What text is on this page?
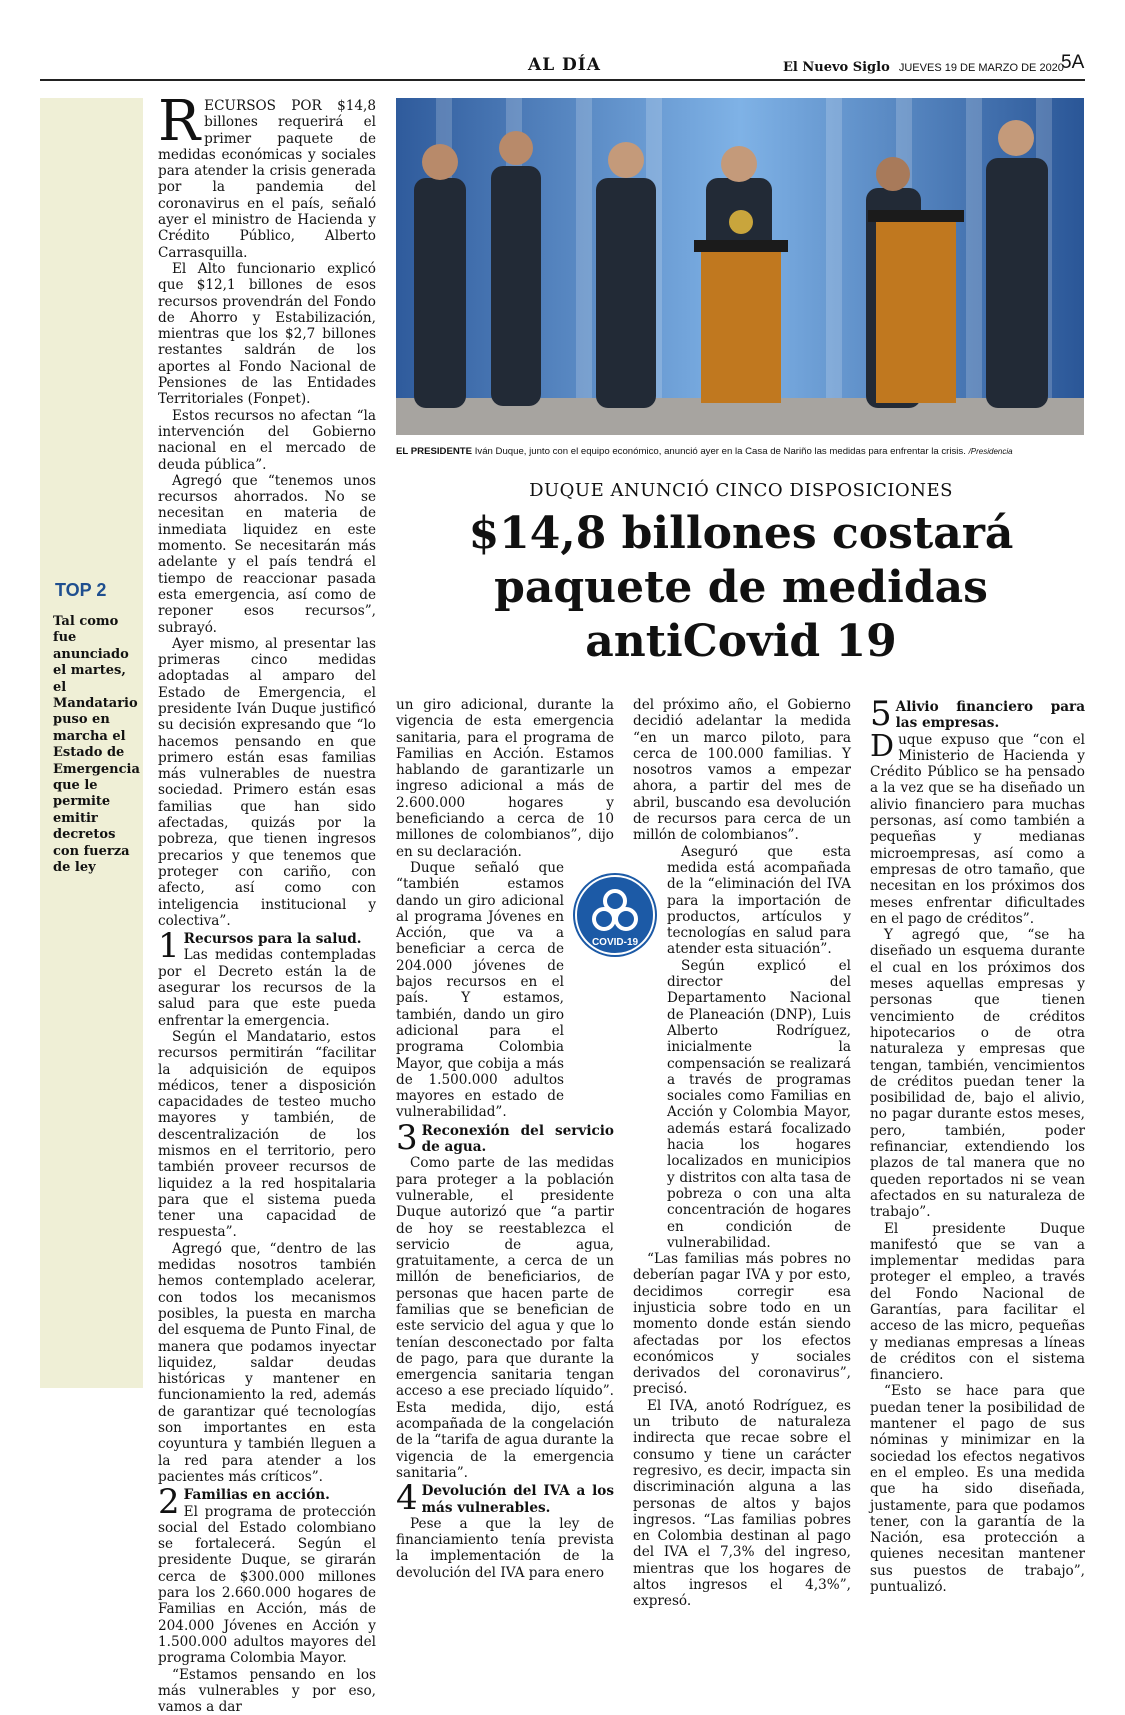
AL DÍA	El Nuevo Siglo JUEVES 19 DE MARZO DE 2020
5A
TOP 2
Tal como fue anunciado el martes, el Mandatario puso en marcha el Estado de Emergencia que le permite emitir decretos con fuerza de ley
R ECURSOS POR $14,8 billones requerirá el primer paquete de medidas económicas y sociales para atender la crisis generada por la pandemia del coronavirus en el país, señaló ayer el ministro de Hacienda y Crédito Público, Alberto Carrasquilla.

El Alto funcionario explicó que $12,1 billones de esos recursos provendrán del Fondo de Ahorro y Estabilización, mientras que los $2,7 billones restantes saldrán de los aportes al Fondo Nacional de Pensiones de las Entidades Territoriales (Fonpet).

Estos recursos no afectan “la intervención del Gobierno nacional en el mercado de deuda pública”.

Agregó que “tenemos unos recursos ahorrados. No se necesitan en materia de inmediata liquidez en este momento. Se necesitarán más adelante y el país tendrá el tiempo de reaccionar pasada esta emergencia, así como de reponer esos recursos”, subrayó.

Ayer mismo, al presentar las primeras cinco medidas adoptadas al amparo del Estado de Emergencia, el presidente Iván Duque justificó su decisión expresando que “lo hacemos pensando en que primero están esas familias más vulnerables de nuestra sociedad. Primero están esas familias que han sido afectadas, quizás por la pobreza, que tienen ingresos precarios y que tenemos que proteger con cariño, con afecto, así como con inteligencia institucional y colectiva”.

1 Recursos para la salud.
Las medidas contempladas por el Decreto están la de asegurar los recursos de la salud para que este pueda enfrentar la emergencia.

Según el Mandatario, estos recursos permitirán “facilitar la adquisición de equipos médicos, tener a disposición capacidades de testeo mucho mayores y también, de descentralización de los mismos en el territorio, pero también proveer recursos de liquidez a la red hospitalaria para que el sistema pueda tener una capacidad de respuesta”.

Agregó que, “dentro de las medidas nosotros también hemos contemplado acelerar, con todos los mecanismos posibles, la puesta en marcha del esquema de Punto Final, de manera que podamos inyectar liquidez, saldar deudas históricas y mantener en funcionamiento la red, además de garantizar qué tecnologías son importantes en esta coyuntura y también lleguen a la red para atender a los pacientes más críticos”.

2 Familias en acción.
El programa de protección social del Estado colombiano se fortalecerá. Según el presidente Duque, se girarán cerca de $300.000 millones para los 2.660.000 hogares de Familias en Acción, más de 204.000 Jóvenes en Acción y 1.500.000 adultos mayores del programa Colombia Mayor.

“Estamos pensando en los más vulnerables y por eso, vamos a dar

EL PRESIDENTE Iván Duque, junto con el equipo económico, anunció ayer en la Casa de Nariño las medidas para enfrentar la crisis. /Presidencia
DUQUE ANUNCIÓ CINCO DISPOSICIONES
$14,8 billones costará paquete de medidas antiCovid 19

un giro adicional, durante la vigencia de esta emergencia sanitaria, para el programa de Familias en Acción. Estamos hablando de garantizarle un ingreso adicional a más de 2.600.000 hogares y beneficiando a cerca de 10 millones de colombianos”, dijo en su declaración.

Duque señaló que “también estamos dando un giro adicional al programa Jóvenes en Acción, que va a beneficiar a cerca de 204.000 jóvenes de bajos recursos en el país. Y estamos, también, dando un giro adicional para el programa Colombia Mayor, que cobija a más de 1.500.000 adultos mayores en estado de vulnerabilidad”.

3 Reconexión del servicio de agua.

Como parte de las medidas para proteger a la población vulnerable, el presidente Duque autorizó que “a partir de hoy se reestablezca el servicio de agua, gratuitamente, a cerca de un millón de beneficiarios, de personas que hacen parte de familias que se benefician de este servicio del agua y que lo tenían desconectado por falta de pago, para que durante la emergencia sanitaria tengan acceso a ese preciado líquido”. Esta medida, dijo, está acompañada de la congelación de la “tarifa de agua durante la vigencia de la emergencia sanitaria”.

4 Devolución del IVA a los más vulnerables.

Pese a que la ley de financiamiento tenía prevista la implementación de la devolución del IVA para enero

del próximo año, el Gobierno decidió adelantar la medida “en un marco piloto, para cerca de 100.000 familias. Y nosotros vamos a empezar ahora, a partir del mes de abril, buscando esa devolución de recursos para cerca de un millón de colombianos”.

Aseguró que esta medida está acompañada de la “eliminación del IVA para la importación de productos, artículos y tecnologías en salud para atender esta situación”.

Según explicó el director del Departamento Nacional de Planeación (DNP), Luis Alberto Rodríguez, inicialmente la compensación se realizará a través de programas sociales como Familias en Acción y Colombia Mayor, además estará focalizado hacia los hogares localizados en municipios y distritos con alta tasa de pobreza o con una alta concentración de hogares en condición de vulnerabilidad.

“Las familias más pobres no deberían pagar IVA y por esto, decidimos corregir esa injusticia sobre todo en un momento donde están siendo afectadas por los efectos económicos y sociales derivados del coronavirus”, precisó.

El IVA, anotó Rodríguez, es un tributo de naturaleza indirecta que recae sobre el consumo y tiene un carácter regresivo, es decir, impacta sin discriminación alguna a las personas de altos y bajos ingresos. “Las familias pobres en Colombia destinan al pago del IVA el 7,3% del ingreso, mientras que los hogares de altos ingresos el 4,3%”, expresó.

COVID-19
5 Alivio financiero para las empresas.
D uque expuso que “con el Ministerio de Hacienda y Crédito Público se ha pensado a la vez que se ha diseñado un alivio financiero para muchas personas, así como también a pequeñas y medianas microempresas, así como a empresas de otro tamaño, que necesitan en los próximos dos meses enfrentar dificultades en el pago de créditos”.

Y agregó que, “se ha diseñado un esquema durante el cual en los próximos dos meses aquellas empresas y personas que tienen vencimiento de créditos hipotecarios o de otra naturaleza y empresas que tengan, también, vencimientos de créditos puedan tener la posibilidad de, bajo el alivio, no pagar durante estos meses, pero, también, poder refinanciar, extendiendo los plazos de tal manera que no queden reportados ni se vean afectados en su naturaleza de trabajo”.

El presidente Duque manifestó que se van a implementar medidas para proteger el empleo, a través del Fondo Nacional de Garantías, para facilitar el acceso de las micro, pequeñas y medianas empresas a líneas de créditos con el sistema financiero.

“Esto se hace para que puedan tener la posibilidad de mantener el pago de sus nóminas y minimizar en la sociedad los efectos negativos en el empleo. Es una medida que ha sido diseñada, justamente, para que podamos tener, con la garantía de la Nación, esa protección a quienes necesitan mantener sus puestos de trabajo”, puntualizó.
